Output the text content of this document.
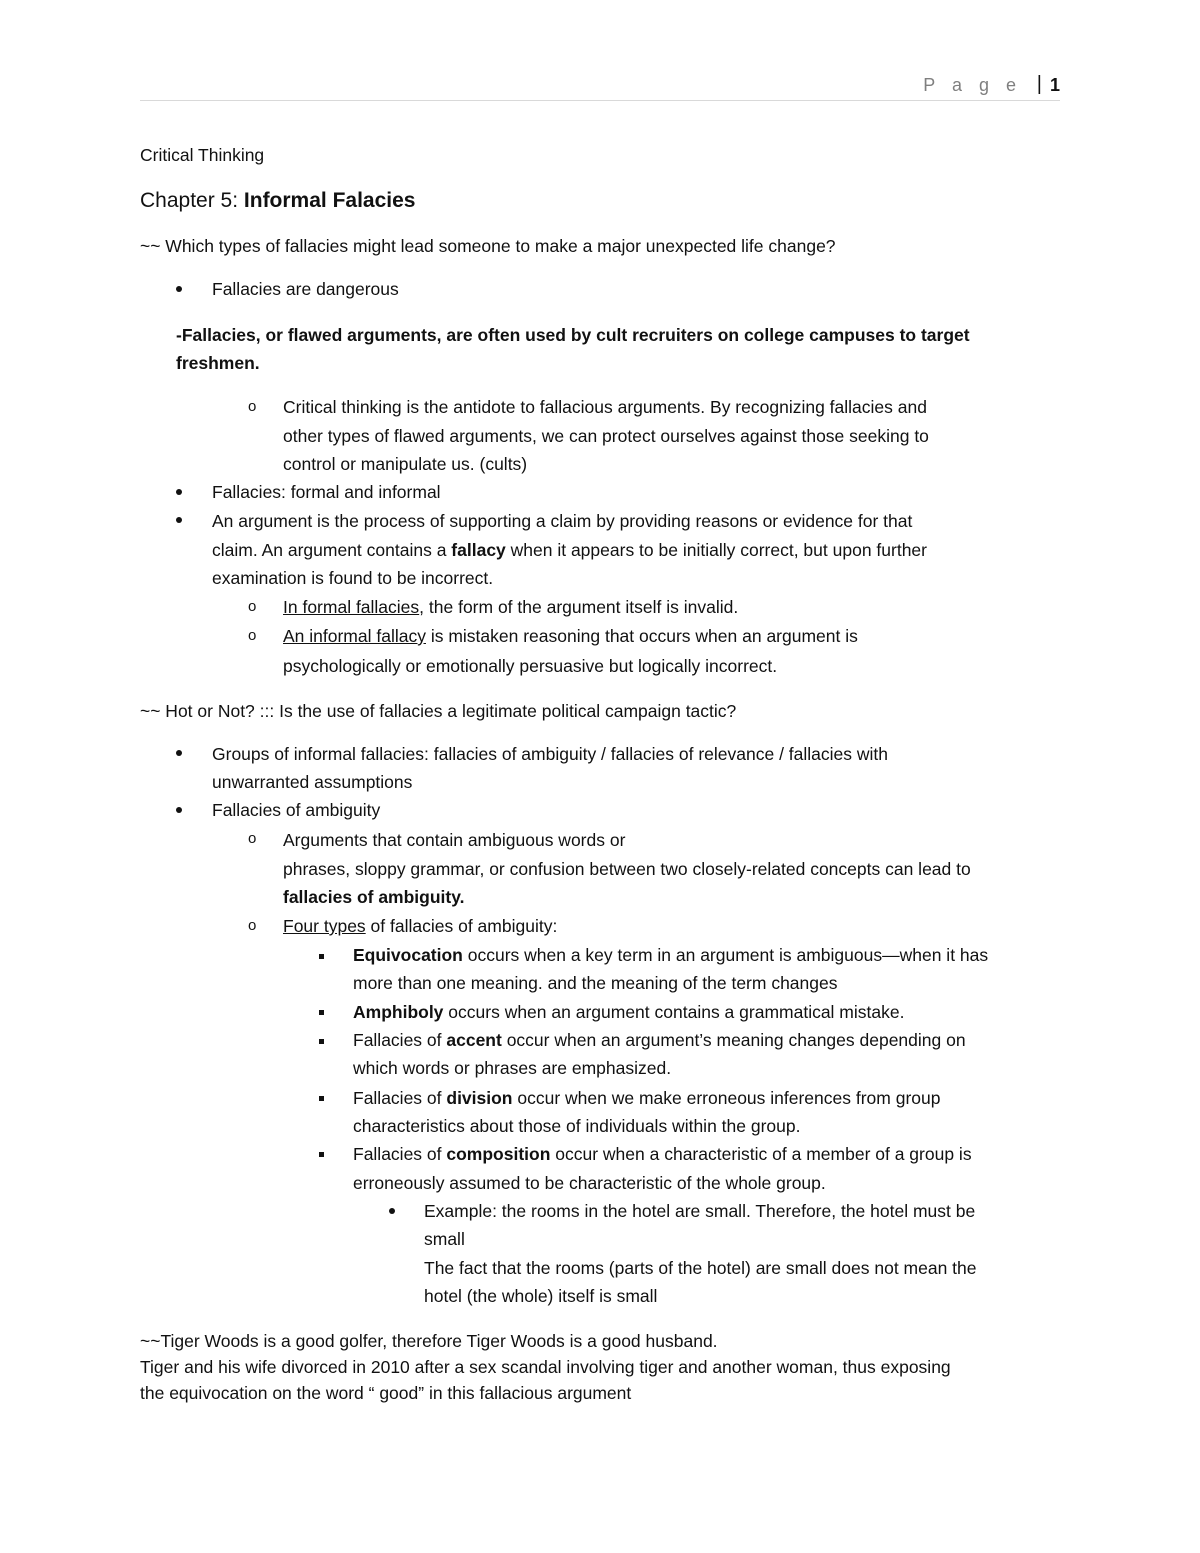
P a g e | 1
Critical Thinking
Chapter 5: Informal Falacies
~~ Which types of fallacies might lead someone to make a major unexpected life change?
Fallacies are dangerous
-Fallacies, or flawed arguments, are often used by cult recruiters on college campuses to target
freshmen.
o Critical thinking is the antidote to fallacious arguments. By recognizing fallacies and
other types of flawed arguments, we can protect ourselves against those seeking to
control or manipulate us. (cults)
Fallacies: formal and informal
An argument is the process of supporting a claim by providing reasons or evidence for that
claim. An argument contains a fallacy when it appears to be initially correct, but upon further
examination is found to be incorrect.
o In formal fallacies, the form of the argument itself is invalid.
o An informal fallacy is mistaken reasoning that occurs when an argument is
psychologically or emotionally persuasive but logically incorrect.
~~ Hot or Not? ::: Is the use of fallacies a legitimate political campaign tactic?
Groups of informal fallacies: fallacies of ambiguity / fallacies of relevance / fallacies with
unwarranted assumptions
Fallacies of ambiguity
o Arguments that contain ambiguous words or
phrases, sloppy grammar, or confusion between two closely-related concepts can lead to
fallacies of ambiguity.
o Four types of fallacies of ambiguity:
Equivocation occurs when a key term in an argument is ambiguous—when it has
more than one meaning. and the meaning of the term changes
Amphiboly occurs when an argument contains a grammatical mistake.
Fallacies of accent occur when an argument’s meaning changes depending on
which words or phrases are emphasized.
Fallacies of division occur when we make erroneous inferences from group
characteristics about those of individuals within the group.
Fallacies of composition occur when a characteristic of a member of a group is
erroneously assumed to be characteristic of the whole group.
Example: the rooms in the hotel are small. Therefore, the hotel must be
small
The fact that the rooms (parts of the hotel) are small does not mean the
hotel (the whole) itself is small
~~Tiger Woods is a good golfer, therefore Tiger Woods is a good husband.
Tiger and his wife divorced in 2010 after a sex scandal involving tiger and another woman, thus exposing
the equivocation on the word “ good” in this fallacious argument
